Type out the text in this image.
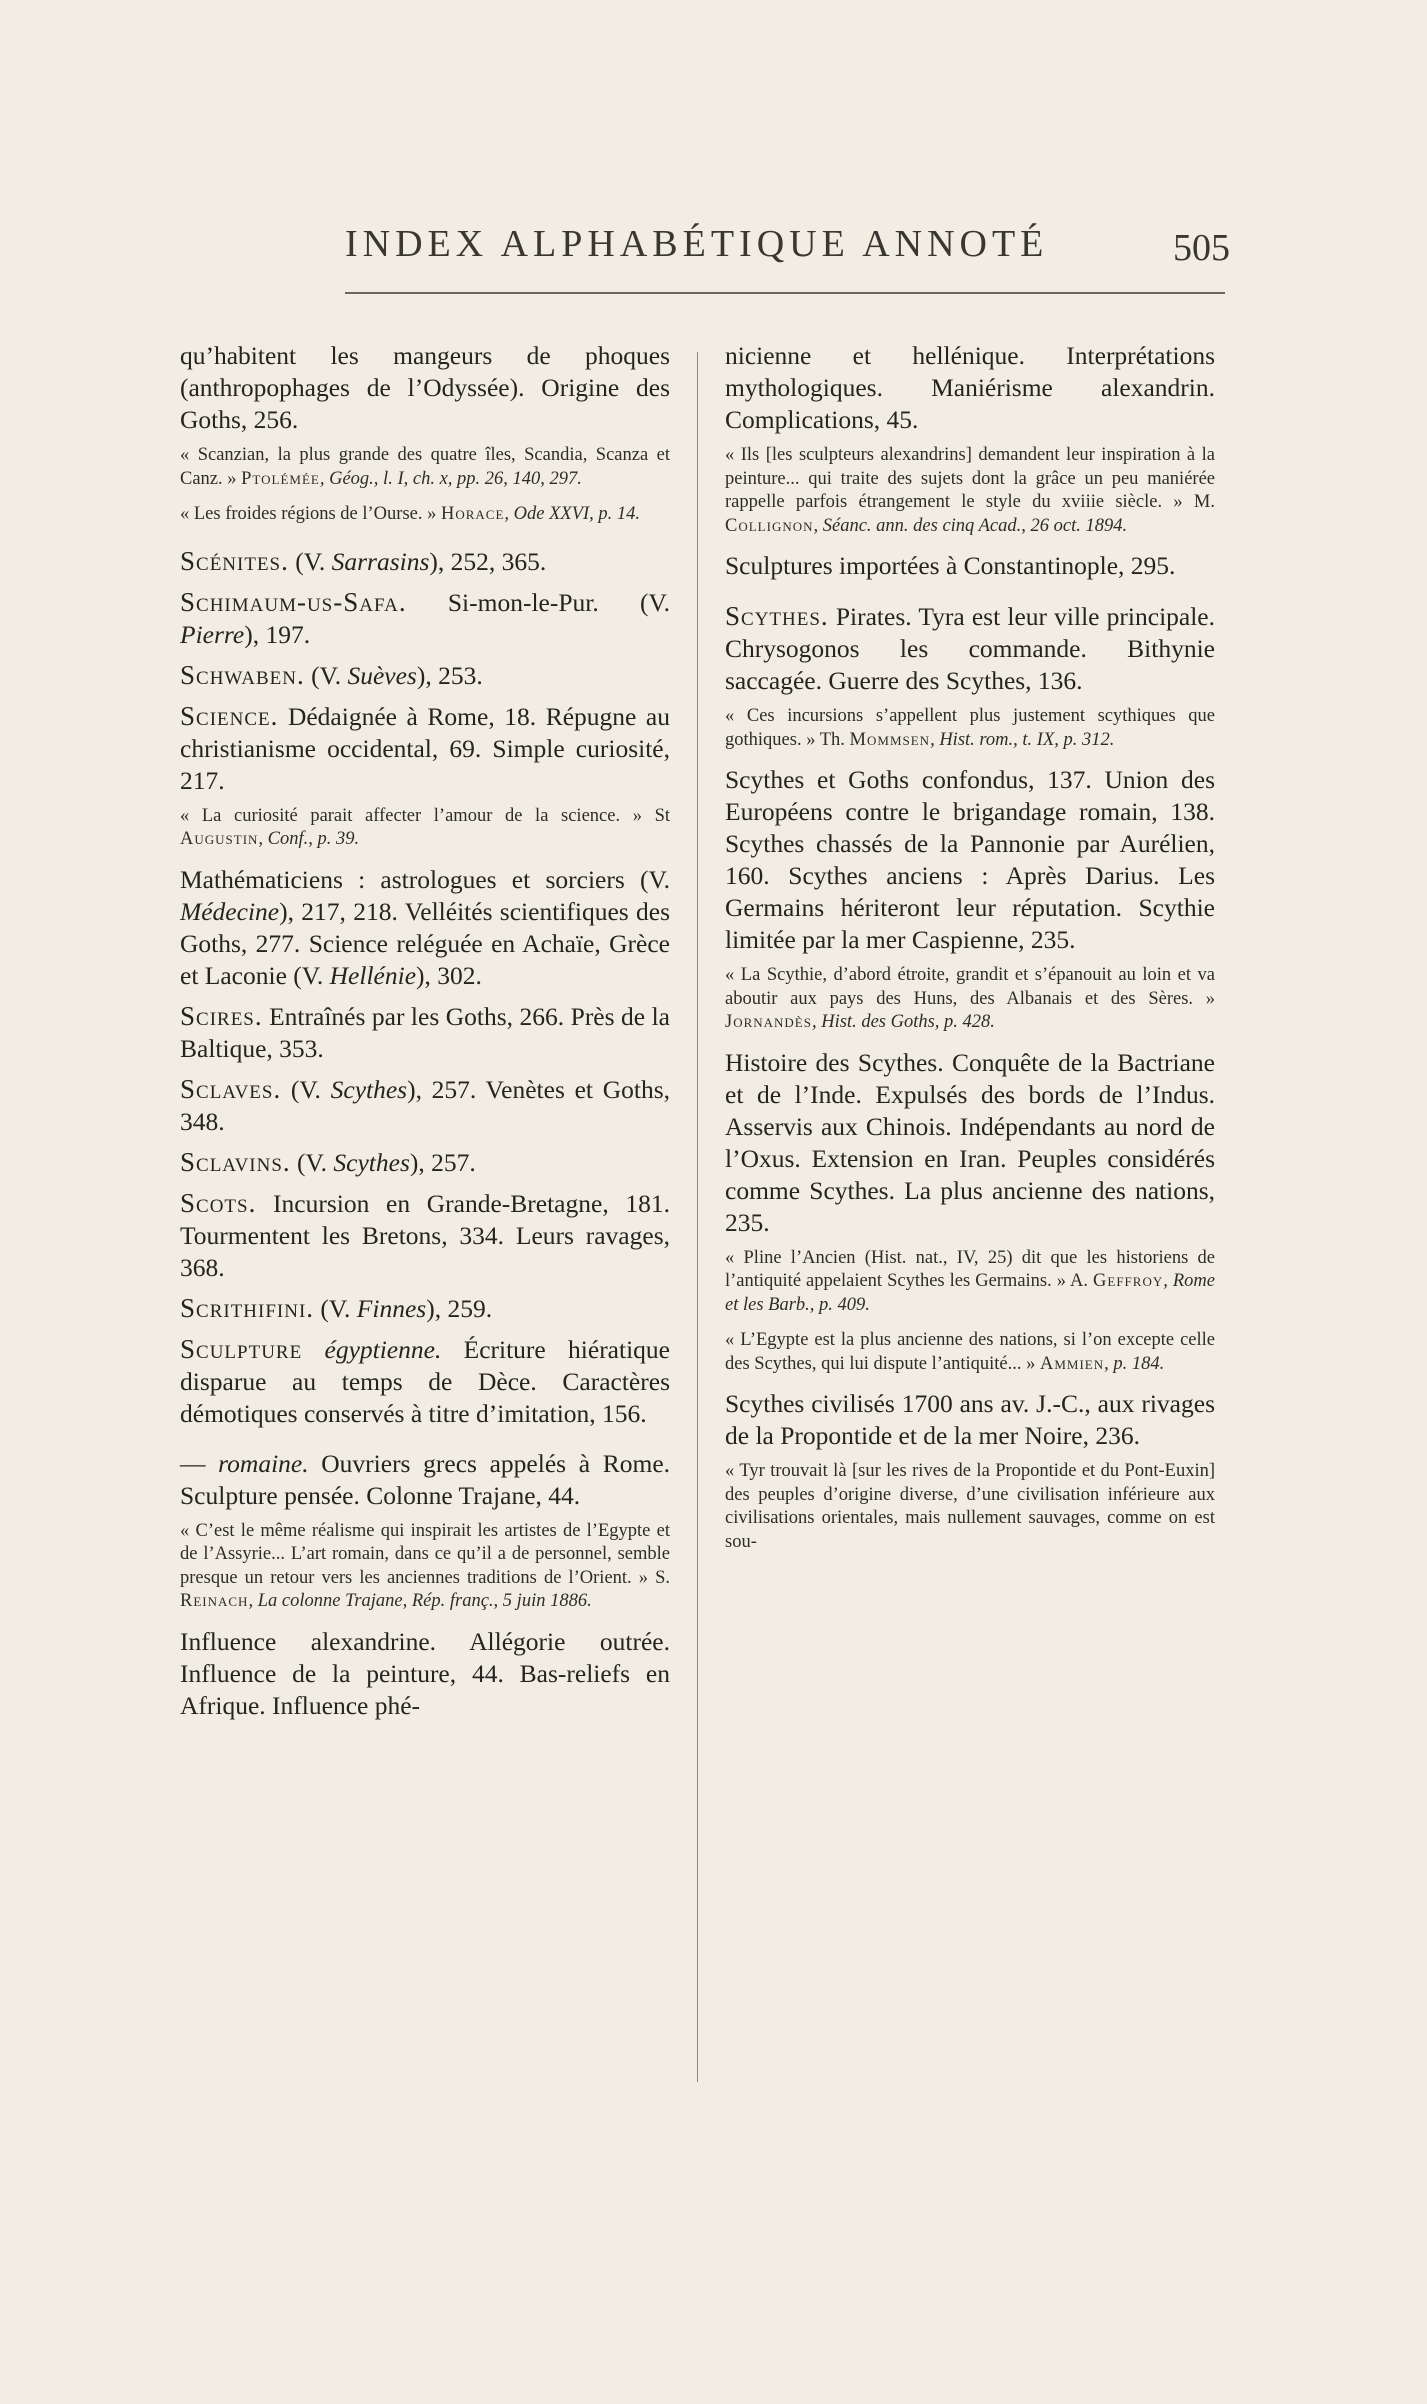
INDEX ALPHABÉTIQUE ANNOTÉ	505

qu’habitent les mangeurs de phoques (anthropophages de l’Odyssée). Origine des Goths, 256.

« Scanzian, la plus grande des quatre îles, Scandia, Scanza et Canz. » Ptolémée, Géog., l. I, ch. x, pp. 26, 140, 297.

« Les froides régions de l’Ourse. » Horace, Ode XXVI, p. 14.

Scénites. (V. Sarrasins), 252, 365.

Schimaum-us-Safa. Si-mon-le-Pur. (V. Pierre), 197.

Schwaben. (V. Suèves), 253.

Science. Dédaignée à Rome, 18. Répugne au christianisme occidental, 69. Simple curiosité, 217.

« La curiosité parait affecter l’amour de la science. » St Augustin, Conf., p. 39.

Mathématiciens : astrologues et sorciers (V. Médecine), 217, 218. Velléités scientifiques des Goths, 277. Science reléguée en Achaïe, Grèce et Laconie (V. Hellénie), 302.

Scires. Entraînés par les Goths, 266. Près de la Baltique, 353.

Sclaves. (V. Scythes), 257. Venètes et Goths, 348.

Sclavins. (V. Scythes), 257.

Scots. Incursion en Grande-Bretagne, 181. Tourmentent les Bretons, 334. Leurs ravages, 368.

Scrithifini. (V. Finnes), 259.

Sculpture égyptienne. Écriture hiératique disparue au temps de Dèce. Caractères démotiques conservés à titre d’imitation, 156.

— romaine. Ouvriers grecs appelés à Rome. Sculpture pensée. Colonne Trajane, 44.

« C’est le même réalisme qui inspirait les artistes de l’Egypte et de l’Assyrie... L’art romain, dans ce qu’il a de personnel, semble presque un retour vers les anciennes traditions de l’Orient. » S. Reinach, La colonne Trajane, Rép. franç., 5 juin 1886.

Influence alexandrine. Allégorie outrée. Influence de la peinture, 44. Bas-reliefs en Afrique. Influence phé-

nicienne et hellénique. Interprétations mythologiques. Maniérisme alexandrin. Complications, 45.

« Ils [les sculpteurs alexandrins] demandent leur inspiration à la peinture... qui traite des sujets dont la grâce un peu maniérée rappelle parfois étrangement le style du xviiie siècle. » M. Collignon, Séanc. ann. des cinq Acad., 26 oct. 1894.

Sculptures importées à Constantinople, 295.

Scythes. Pirates. Tyra est leur ville principale. Chrysogonos les commande. Bithynie saccagée. Guerre des Scythes, 136.

« Ces incursions s’appellent plus justement scythiques que gothiques. » Th. Mommsen, Hist. rom., t. IX, p. 312.

Scythes et Goths confondus, 137. Union des Européens contre le brigandage romain, 138. Scythes chassés de la Pannonie par Aurélien, 160. Scythes anciens : Après Darius. Les Germains hériteront leur réputation. Scythie limitée par la mer Caspienne, 235.

« La Scythie, d’abord étroite, grandit et s’épanouit au loin et va aboutir aux pays des Huns, des Albanais et des Sères. » Jornandès, Hist. des Goths, p. 428.

Histoire des Scythes. Conquête de la Bactriane et de l’Inde. Expulsés des bords de l’Indus. Asservis aux Chinois. Indépendants au nord de l’Oxus. Extension en Iran. Peuples considérés comme Scythes. La plus ancienne des nations, 235.

« Pline l’Ancien (Hist. nat., IV, 25) dit que les historiens de l’antiquité appelaient Scythes les Germains. » A. Geffroy, Rome et les Barb., p. 409.

« L’Egypte est la plus ancienne des nations, si l’on excepte celle des Scythes, qui lui dispute l’antiquité... » Ammien, p. 184.

Scythes civilisés 1700 ans av. J.-C., aux rivages de la Propontide et de la mer Noire, 236.

« Tyr trouvait là [sur les rives de la Propontide et du Pont-Euxin] des peuples d’origine diverse, d’une civilisation inférieure aux civilisations orientales, mais nullement sauvages, comme on est sou-
